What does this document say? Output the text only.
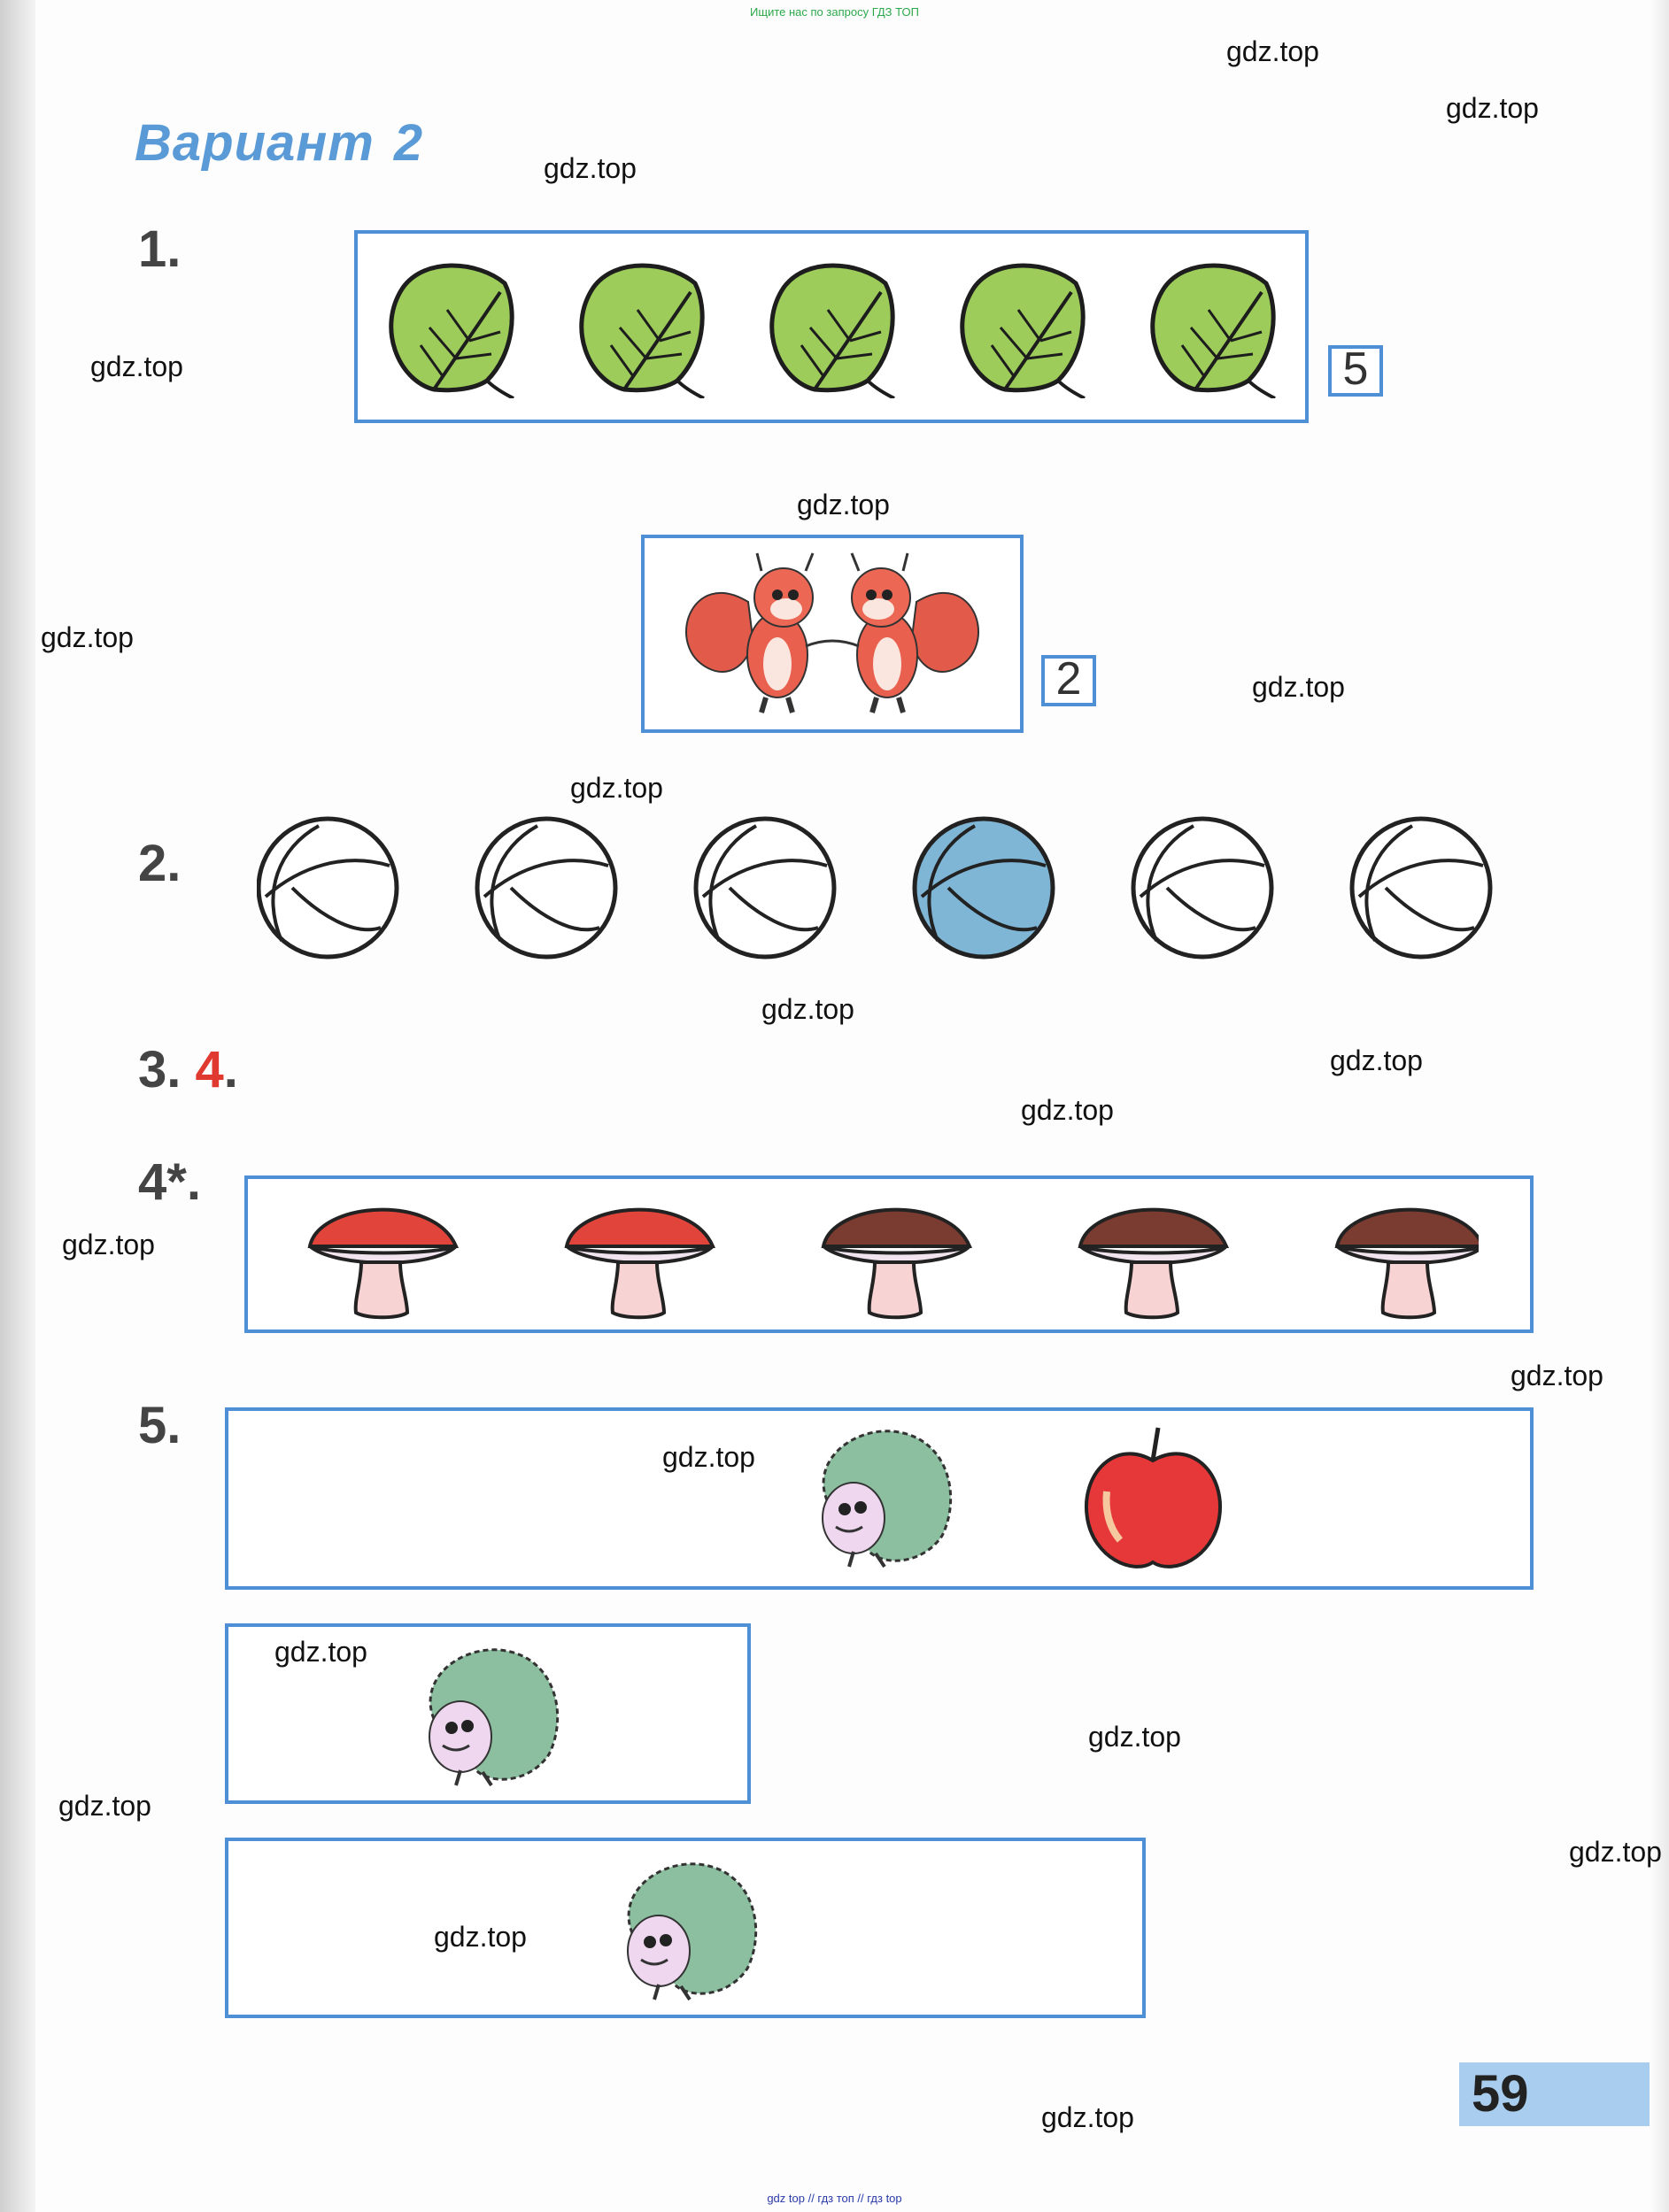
Ищите нас по запросу ГДЗ ТОП
Вариант 2
1.
5
2
2.
3. 4.
4*.
5.
59
gdz.top
gdz.top
gdz.top
gdz.top
gdz.top
gdz.top
gdz.top
gdz.top
gdz.top
gdz.top
gdz.top
gdz.top
gdz.top
gdz.top
gdz.top
gdz.top
gdz.top
gdz.top
gdz.top
gdz.top
gdz top // гдз топ // гдз top
